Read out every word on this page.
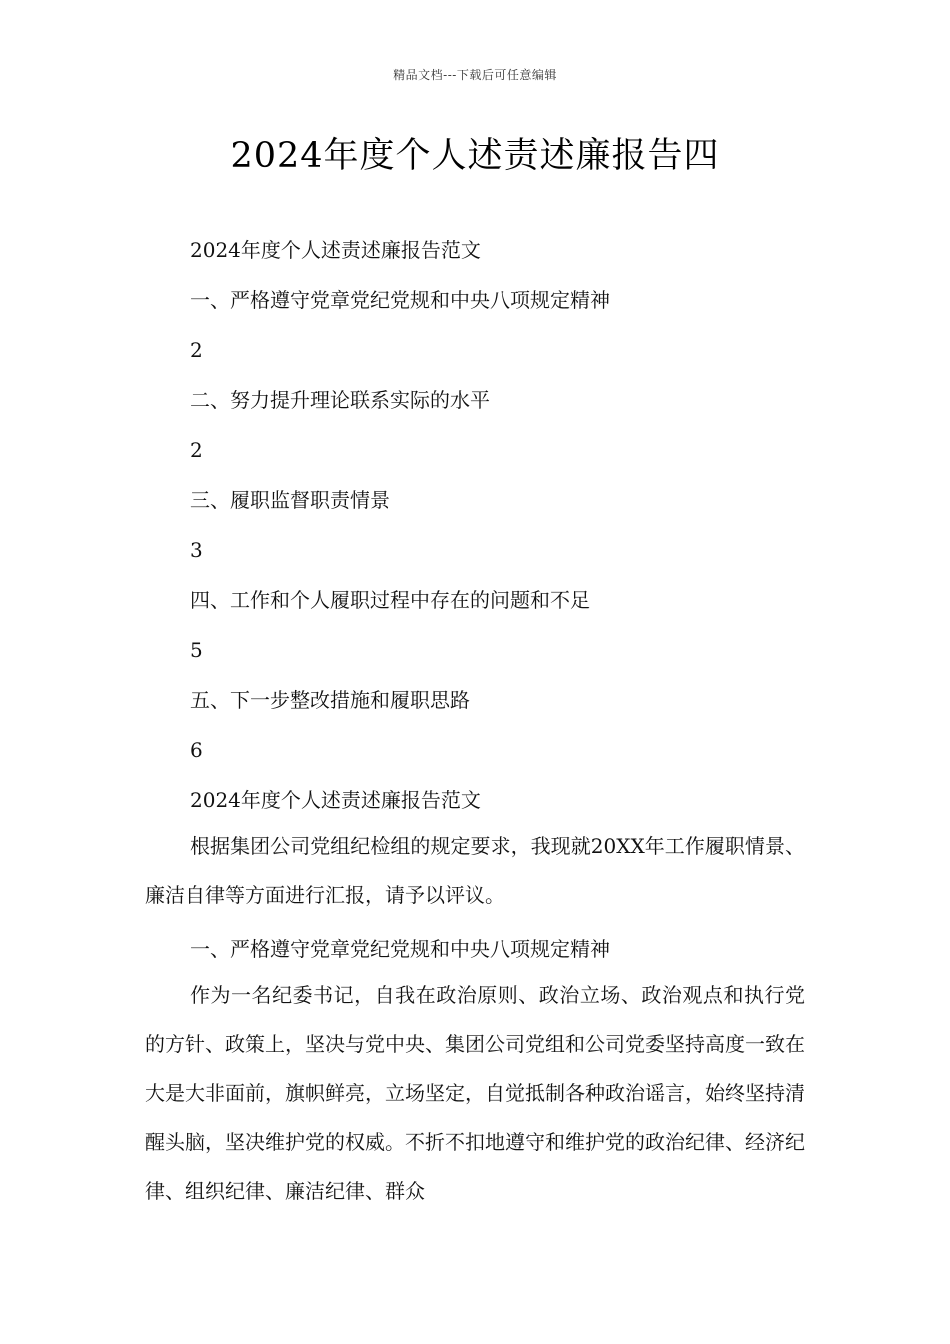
精品文档---下载后可任意编辑
2024年度个人述责述廉报告四
2024年度个人述责述廉报告范文
一、严格遵守党章党纪党规和中央八项规定精神
2
二、努力提升理论联系实际的水平
2
三、履职监督职责情景
3
四、工作和个人履职过程中存在的问题和不足
5
五、下一步整改措施和履职思路
6
2024年度个人述责述廉报告范文

根据集团公司党组纪检组的规定要求，我现就20XX年工作履职情景、廉洁自律等方面进行汇报，请予以评议。

一、严格遵守党章党纪党规和中央八项规定精神

作为一名纪委书记，自我在政治原则、政治立场、政治观点和执行党的方针、政策上，坚决与党中央、集团公司党组和公司党委坚持高度一致在大是大非面前，旗帜鲜亮，立场坚定，自觉抵制各种政治谣言，始终坚持清醒头脑，坚决维护党的权威。不折不扣地遵守和维护党的政治纪律、经济纪律、组织纪律、廉洁纪律、群众
